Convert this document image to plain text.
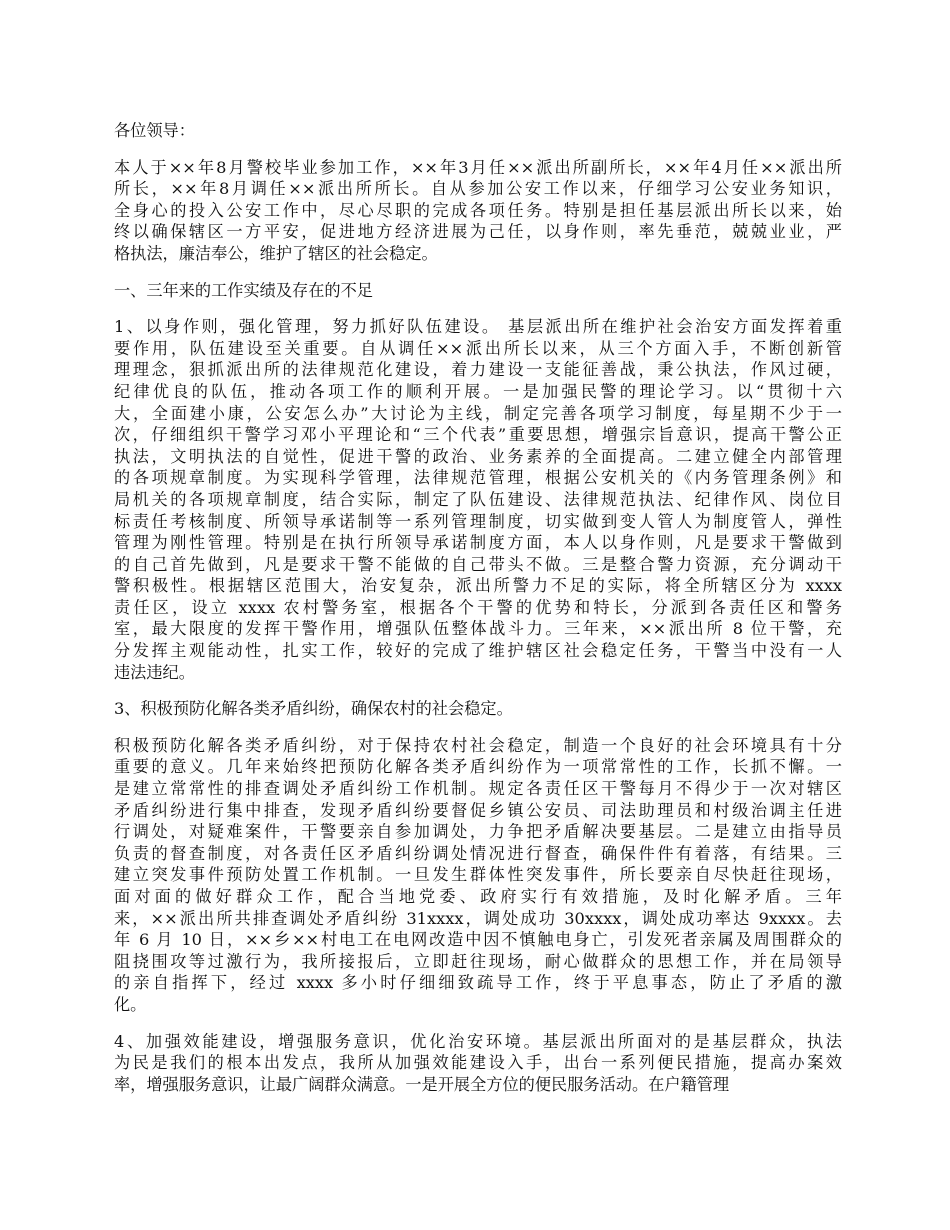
各位领导：

本人于××年8月警校毕业参加工作，××年3月任××派出所副所长，××年4月任××派出所
所长，××年8月调任××派出所所长。自从参加公安工作以来，仔细学习公安业务知识，
全身心的投入公安工作中，尽心尽职的完成各项任务。特别是担任基层派出所长以来，始
终以确保辖区一方平安，促进地方经济进展为己任，以身作则，率先垂范，兢兢业业，严
格执法，廉洁奉公，维护了辖区的社会稳定。

一、三年来的工作实绩及存在的不足

1、以身作则，强化管理，努力抓好队伍建设。 基层派出所在维护社会治安方面发挥着重
要作用，队伍建设至关重要。自从调任××派出所长以来，从三个方面入手，不断创新管
理理念，狠抓派出所的法律规范化建设，着力建设一支能征善战，秉公执法，作风过硬，
纪律优良的队伍，推动各项工作的顺利开展。一是加强民警的理论学习。以“贯彻十六
大，全面建小康，公安怎么办”大讨论为主线，制定完善各项学习制度，每星期不少于一
次，仔细组织干警学习邓小平理论和“三个代表”重要思想，增强宗旨意识，提高干警公正
执法，文明执法的自觉性，促进干警的政治、业务素养的全面提高。二建立健全内部管理
的各项规章制度。为实现科学管理，法律规范管理，根据公安机关的《内务管理条例》和
局机关的各项规章制度，结合实际，制定了队伍建设、法律规范执法、纪律作风、岗位目
标责任考核制度、所领导承诺制等一系列管理制度，切实做到变人管人为制度管人，弹性
管理为刚性管理。特别是在执行所领导承诺制度方面，本人以身作则，凡是要求干警做到
的自己首先做到，凡是要求干警不能做的自己带头不做。三是整合警力资源，充分调动干
警积极性。根据辖区范围大，治安复杂，派出所警力不足的实际，将全所辖区分为 xxxx
责任区，设立 xxxx 农村警务室，根据各个干警的优势和特长，分派到各责任区和警务
室，最大限度的发挥干警作用，增强队伍整体战斗力。三年来，××派出所 8 位干警，充
分发挥主观能动性，扎实工作，较好的完成了维护辖区社会稳定任务，干警当中没有一人
违法违纪。

3、积极预防化解各类矛盾纠纷，确保农村的社会稳定。

积极预防化解各类矛盾纠纷，对于保持农村社会稳定，制造一个良好的社会环境具有十分
重要的意义。几年来始终把预防化解各类矛盾纠纷作为一项常常性的工作，长抓不懈。一
是建立常常性的排查调处矛盾纠纷工作机制。规定各责任区干警每月不得少于一次对辖区
矛盾纠纷进行集中排查，发现矛盾纠纷要督促乡镇公安员、司法助理员和村级治调主任进
行调处，对疑难案件，干警要亲自参加调处，力争把矛盾解决要基层。二是建立由指导员
负责的督查制度，对各责任区矛盾纠纷调处情况进行督查，确保件件有着落，有结果。三
建立突发事件预防处置工作机制。一旦发生群体性突发事件，所长要亲自尽快赶往现场，
面对面的做好群众工作，配合当地党委、政府实行有效措施，及时化解矛盾。三年
来，××派出所共排查调处矛盾纠纷 31xxxx，调处成功 30xxxx，调处成功率达 9xxxx。去
年 6 月 10 日，××乡××村电工在电网改造中因不慎触电身亡，引发死者亲属及周围群众的
阻挠围攻等过激行为，我所接报后，立即赶往现场，耐心做群众的思想工作，并在局领导
的亲自指挥下，经过 xxxx 多小时仔细细致疏导工作，终于平息事态，防止了矛盾的激
化。

4、加强效能建设，增强服务意识，优化治安环境。基层派出所面对的是基层群众，执法
为民是我们的根本出发点，我所从加强效能建设入手，出台一系列便民措施，提高办案效
率，增强服务意识，让最广阔群众满意。一是开展全方位的便民服务活动。在户籍管理
